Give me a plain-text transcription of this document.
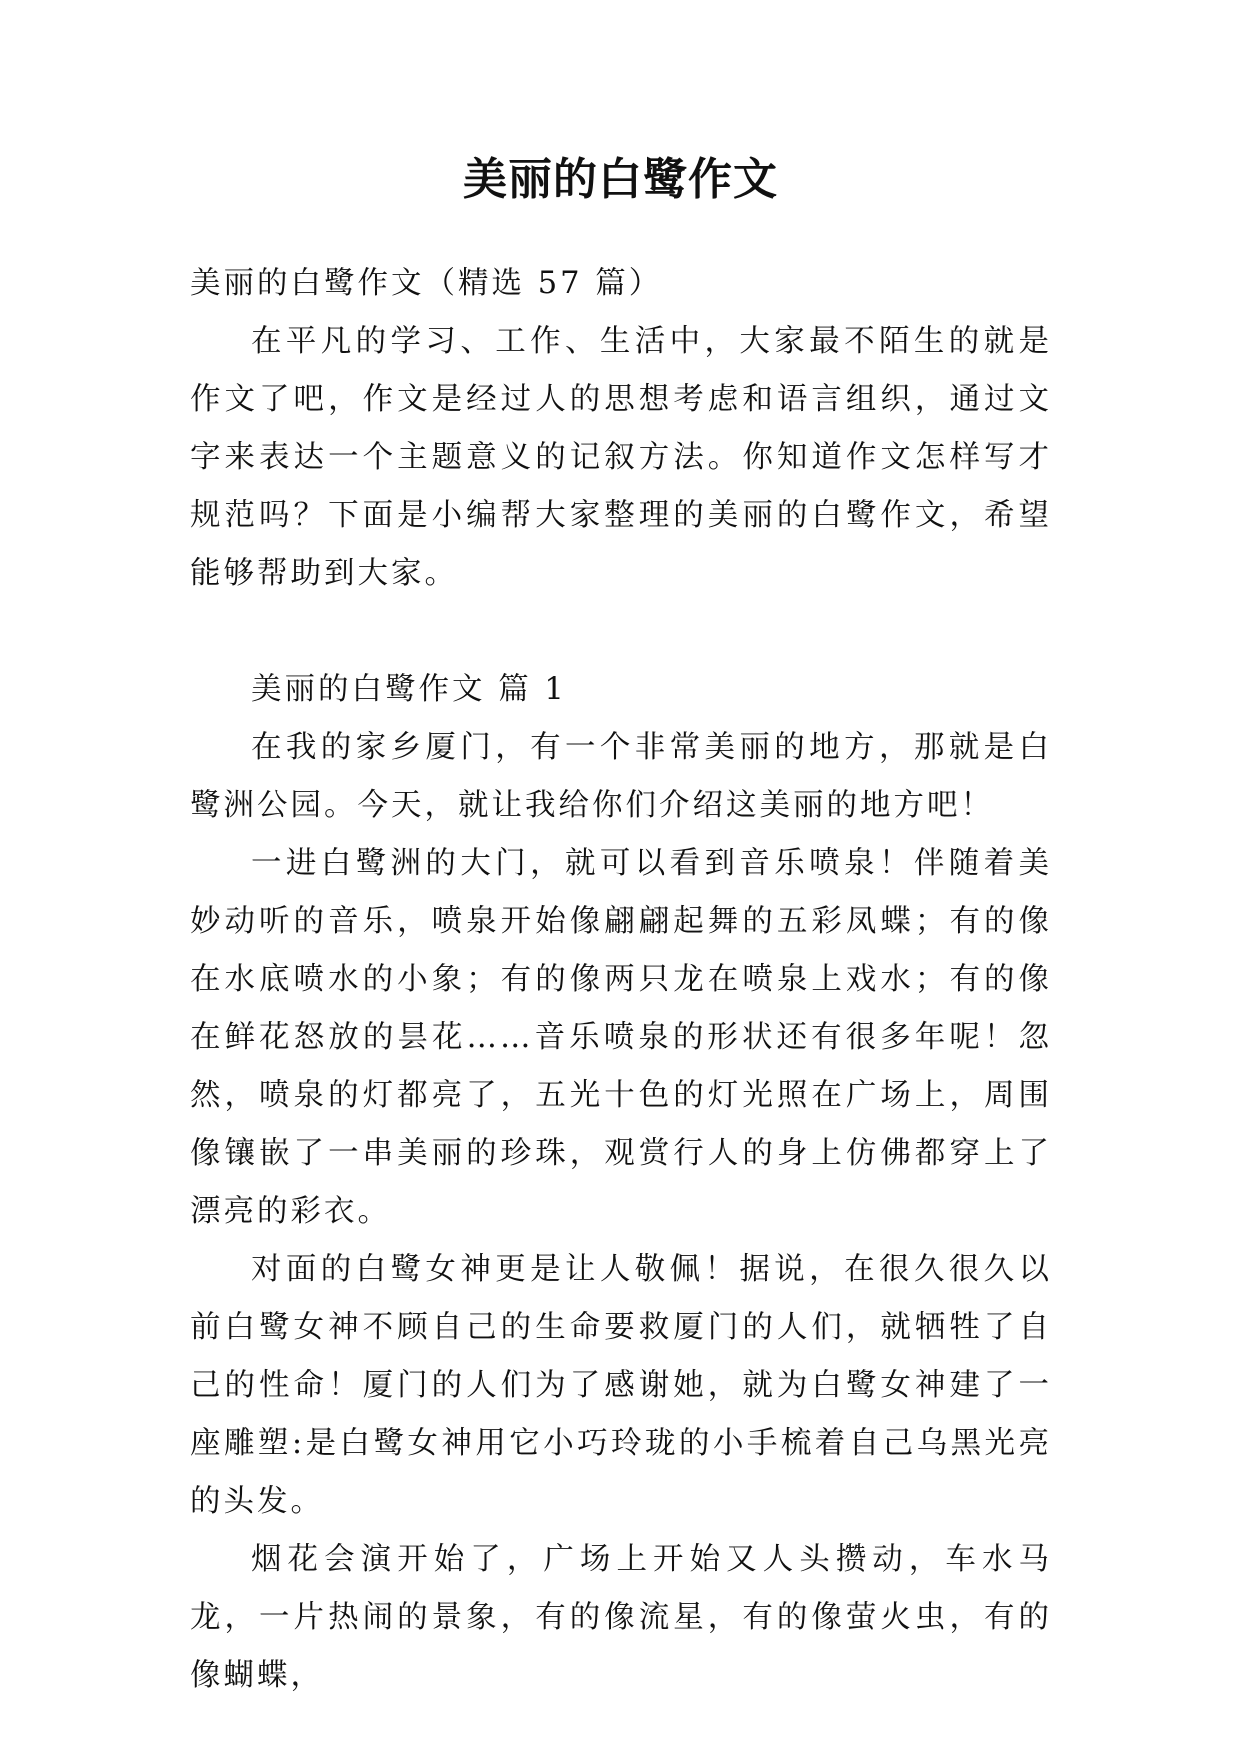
美丽的白鹭作文

美丽的白鹭作文（精选 57 篇）

在平凡的学习、工作、生活中，大家最不陌生的就是作文了吧，作文是经过人的思想考虑和语言组织，通过文字来表达一个主题意义的记叙方法。你知道作文怎样写才规范吗？下面是小编帮大家整理的美丽的白鹭作文，希望能够帮助到大家。

美丽的白鹭作文 篇 1

在我的家乡厦门，有一个非常美丽的地方，那就是白鹭洲公园。今天，就让我给你们介绍这美丽的地方吧！

一进白鹭洲的大门，就可以看到音乐喷泉！伴随着美妙动听的音乐，喷泉开始像翩翩起舞的五彩凤蝶；有的像在水底喷水的小象；有的像两只龙在喷泉上戏水；有的像在鲜花怒放的昙花……音乐喷泉的形状还有很多年呢！忽然，喷泉的灯都亮了，五光十色的灯光照在广场上，周围像镶嵌了一串美丽的珍珠，观赏行人的身上仿佛都穿上了漂亮的彩衣。

对面的白鹭女神更是让人敬佩！据说，在很久很久以前白鹭女神不顾自己的生命要救厦门的人们，就牺牲了自己的性命！厦门的人们为了感谢她，就为白鹭女神建了一座雕塑:是白鹭女神用它小巧玲珑的小手梳着自己乌黑光亮的头发。

烟花会演开始了，广场上开始又人头攒动，车水马龙，一片热闹的景象，有的像流星，有的像萤火虫，有的像蝴蝶，
